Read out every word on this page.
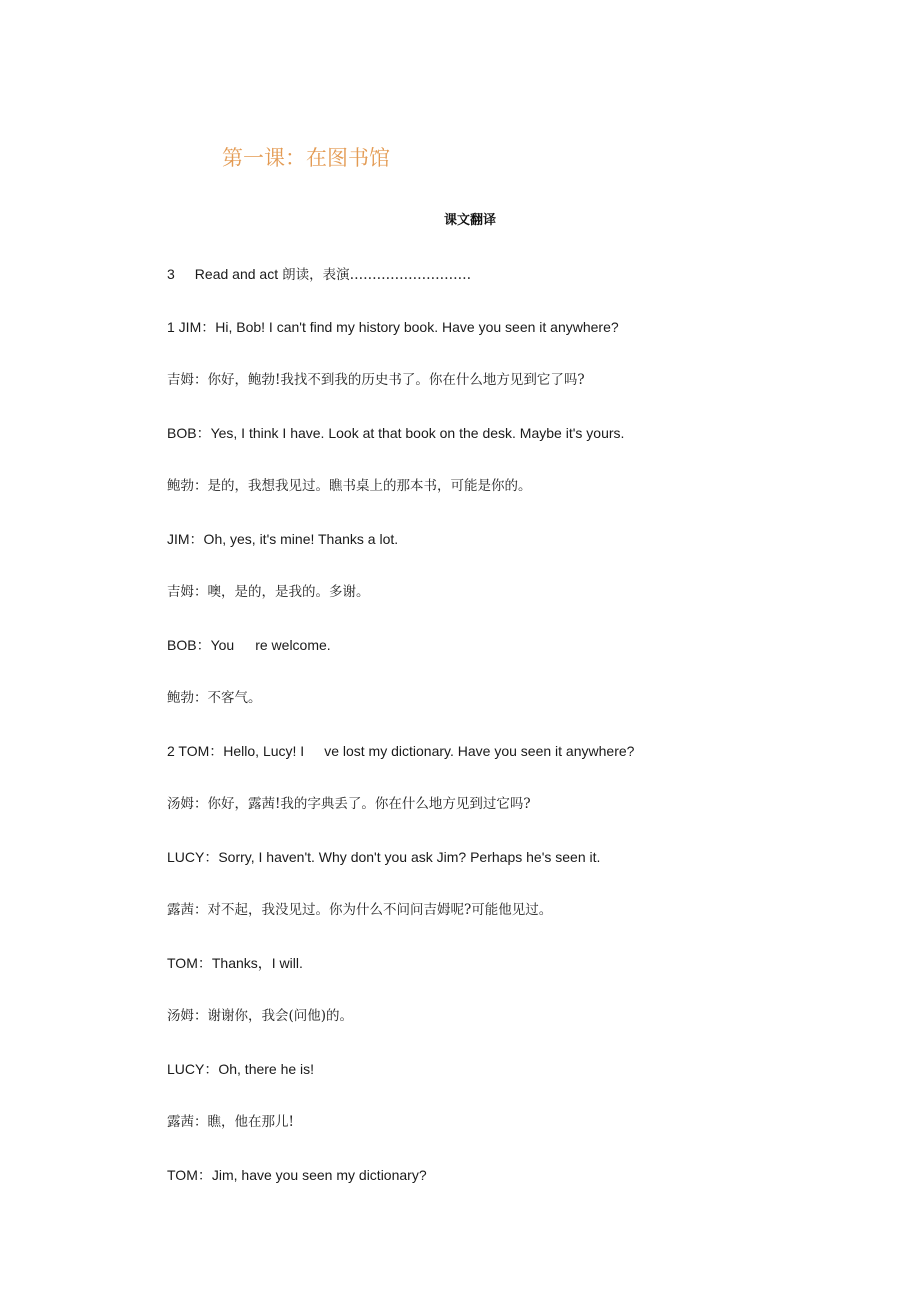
第一课：在图书馆
课文翻译
3 Read and act 朗读，表演………………………
1 JIM：Hi, Bob! I can't find my history book. Have you seen it anywhere?
吉姆：你好，鲍勃!我找不到我的历史书了。你在什么地方见到它了吗?
BOB：Yes, I think I have. Look at that book on the desk. Maybe it's yours.
鲍勃：是的，我想我见过。瞧书桌上的那本书，可能是你的。
JIM：Oh, yes, it's mine! Thanks a lot.
吉姆：噢，是的，是我的。多谢。
BOB：You re welcome.
鲍勃：不客气。
2 TOM：Hello, Lucy! I ve lost my dictionary. Have you seen it anywhere?
汤姆：你好，露茜!我的字典丢了。你在什么地方见到过它吗?
LUCY：Sorry, I haven't. Why don't you ask Jim? Perhaps he's seen it.
露茜：对不起，我没见过。你为什么不问问吉姆呢?可能他见过。
TOM：Thanks，I will.
汤姆：谢谢你，我会(问他)的。
LUCY：Oh, there he is!
露茜：瞧，他在那儿!
TOM：Jim, have you seen my dictionary?
